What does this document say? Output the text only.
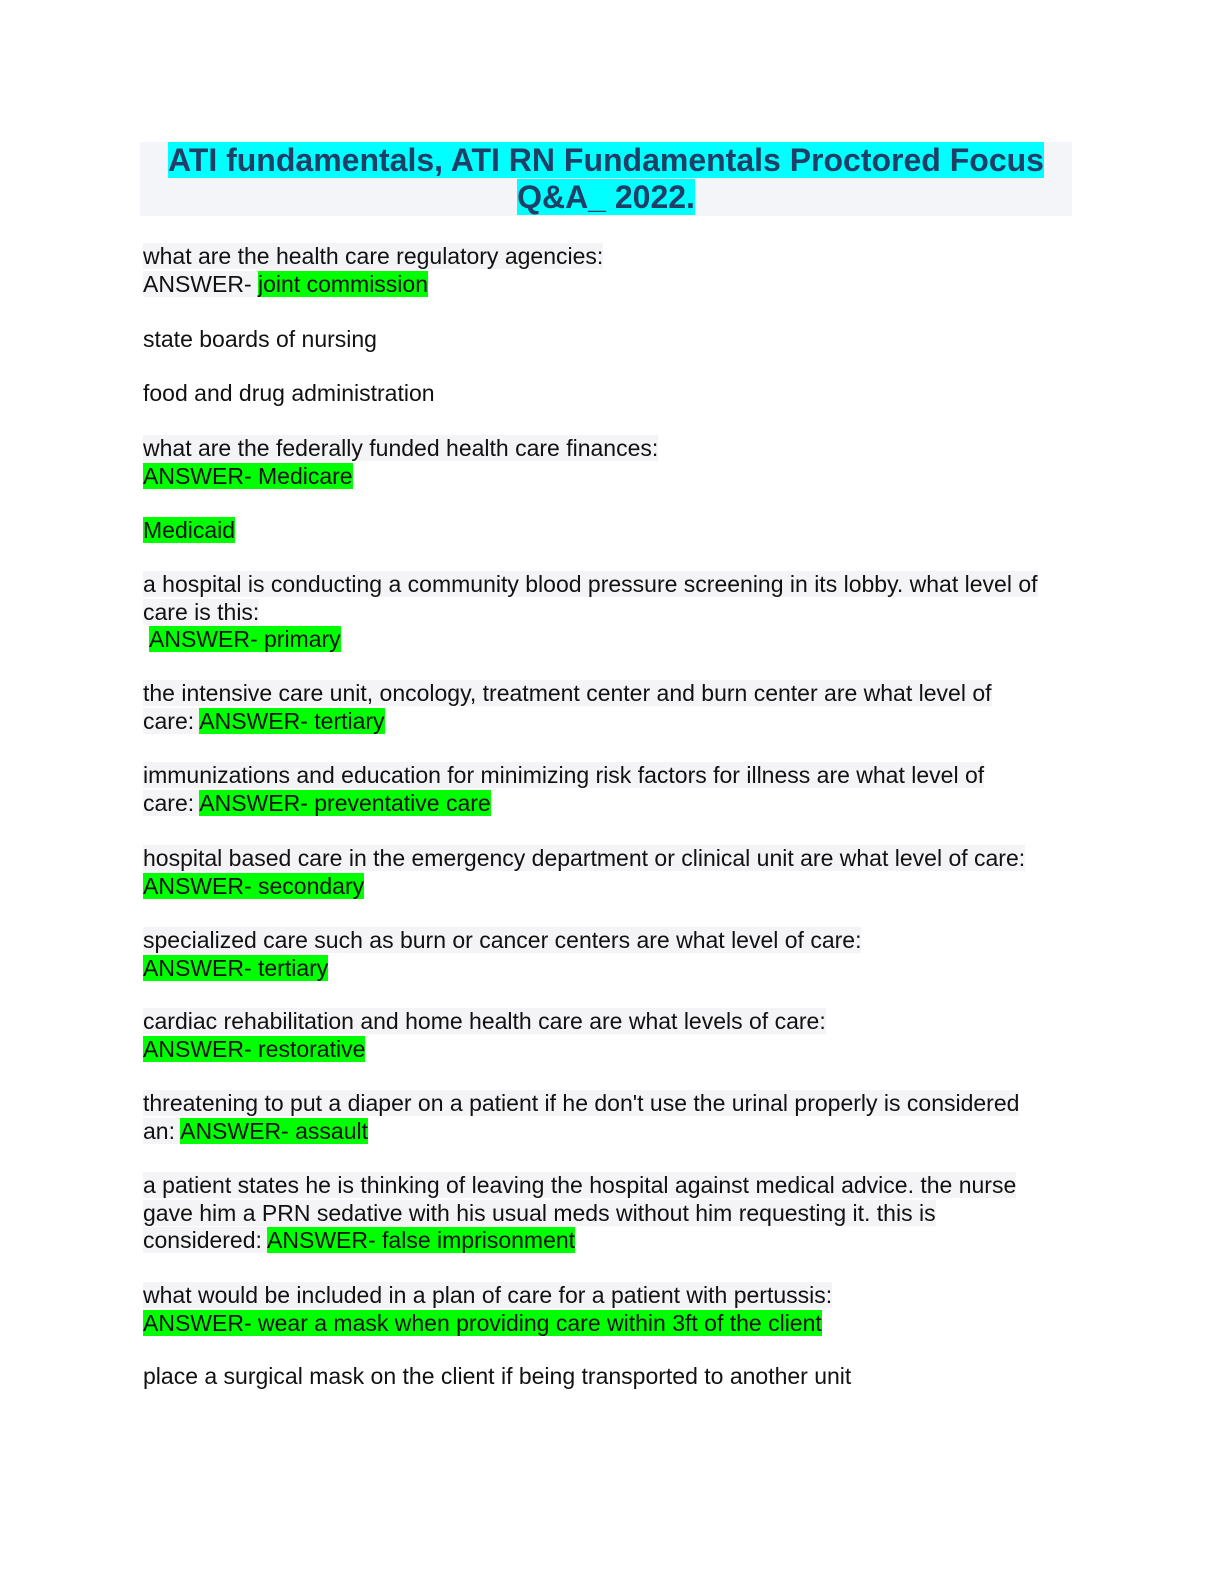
ATI fundamentals, ATI RN Fundamentals Proctored Focus
Q&A_ 2022.
what are the health care regulatory agencies:
ANSWER- joint commission
state boards of nursing
food and drug administration
what are the federally funded health care finances:
ANSWER- Medicare
Medicaid
a hospital is conducting a community blood pressure screening in its lobby. what level of
care is this:
ANSWER- primary
the intensive care unit, oncology, treatment center and burn center are what level of
care: ANSWER- tertiary
immunizations and education for minimizing risk factors for illness are what level of
care: ANSWER- preventative care
hospital based care in the emergency department or clinical unit are what level of care:
ANSWER- secondary
specialized care such as burn or cancer centers are what level of care:
ANSWER- tertiary
cardiac rehabilitation and home health care are what levels of care:
ANSWER- restorative
threatening to put a diaper on a patient if he don't use the urinal properly is considered
an: ANSWER- assault
a patient states he is thinking of leaving the hospital against medical advice. the nurse
gave him a PRN sedative with his usual meds without him requesting it. this is
considered: ANSWER- false imprisonment
what would be included in a plan of care for a patient with pertussis:
ANSWER- wear a mask when providing care within 3ft of the client
place a surgical mask on the client if being transported to another unit
